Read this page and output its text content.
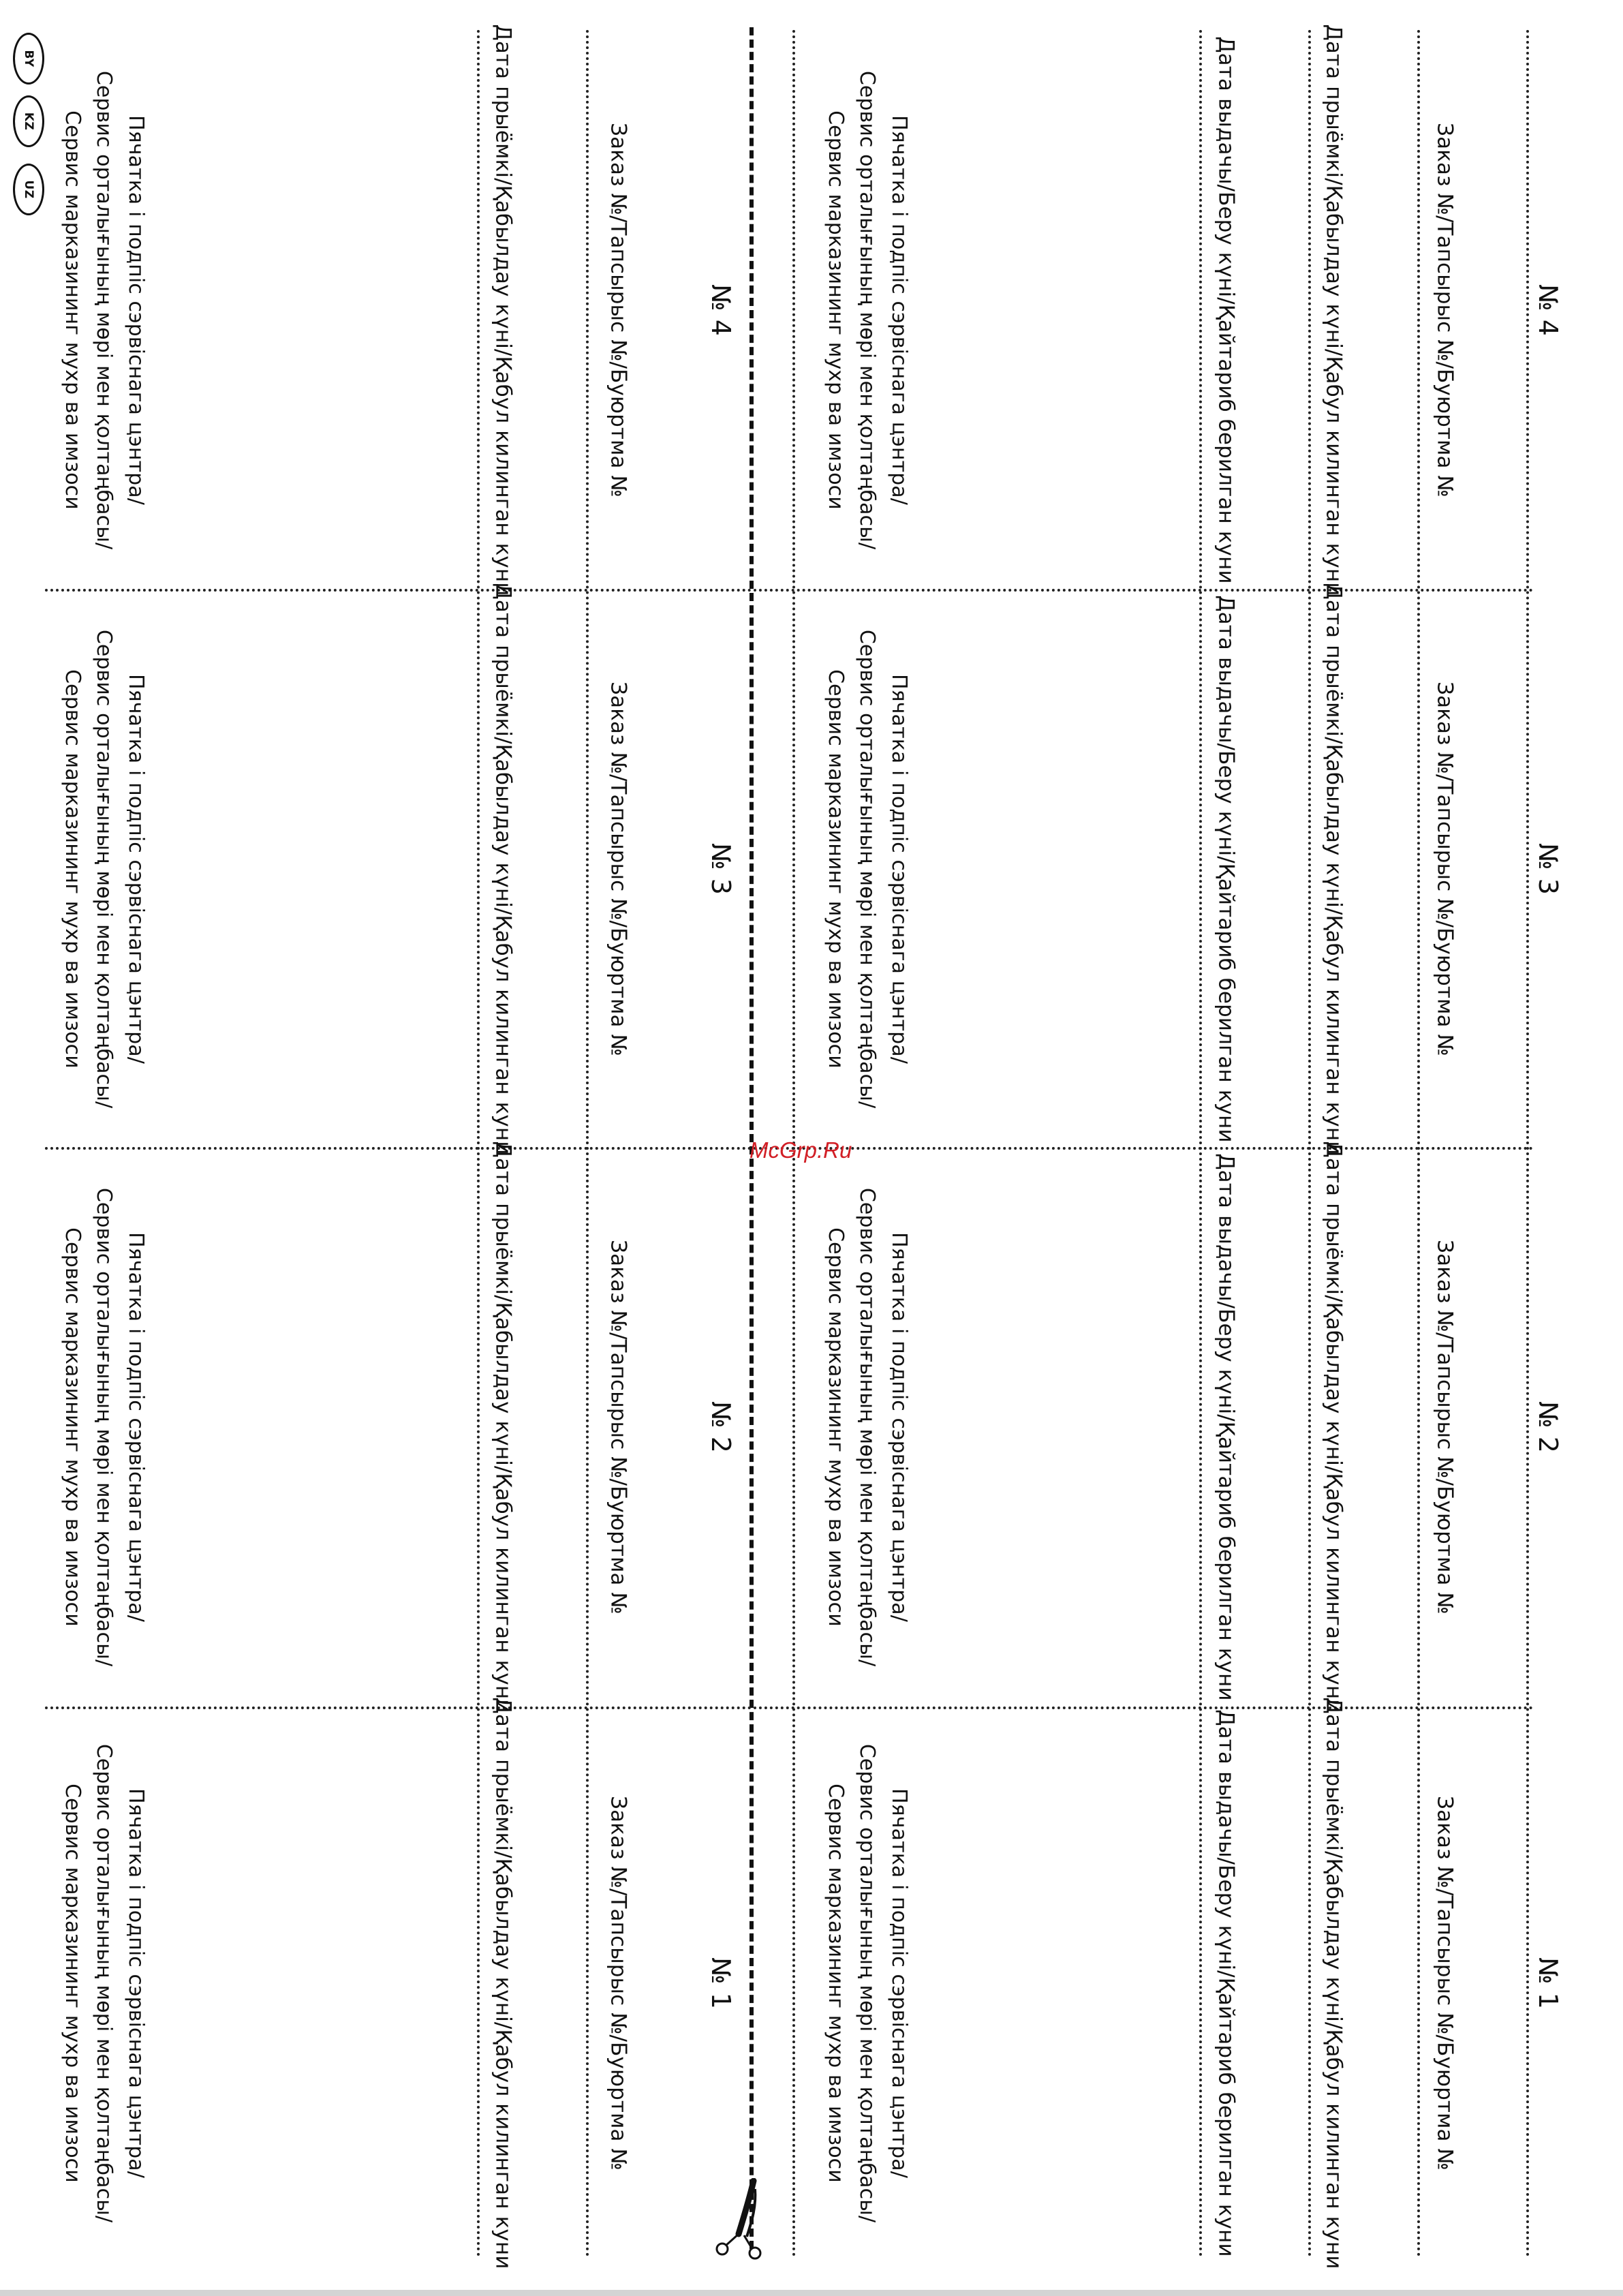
BY
KZ
UZ	Пячатка і подпіс сэрвіснага цэнтра/
Сервис орталығының мөрі мен қолтаңбасы/
Сервис марказининг мухр ва имзоси	Дата прыёмкі/Қабылдау күні/Қабул килинган куни	Заказ №/Тапсырыс №/Буюртма №	№ 4	Пячатка і подпіс сэрвіснага цэнтра/
Сервис орталығының мөрі мен қолтаңбасы/
Сервис марказининг мухр ва имзоси	Дата выдачы/Беру күні/Қайтариб берилган куни	Дата прыёмкі/Қабылдау күні/Қабул килинган куни	Заказ №/Тапсырыс №/Буюртма №	№ 4
Пячатка і подпіс сэрвіснага цэнтра/
Сервис орталығының мөрі мен қолтаңбасы/
Сервис марказининг мухр ва имзоси	Дата прыёмкі/Қабылдау күні/Қабул килинган куни	Заказ №/Тапсырыс №/Буюртма №	№ 3	Пячатка і подпіс сэрвіснага цэнтра/
Сервис орталығының мөрі мен қолтаңбасы/
Сервис марказининг мухр ва имзоси	Дата выдачы/Беру күні/Қайтариб берилган куни	Дата прыёмкі/Қабылдау күні/Қабул килинган куни	Заказ №/Тапсырыс №/Буюртма №	№ 3
Пячатка і подпіс сэрвіснага цэнтра/
Сервис орталығының мөрі мен қолтаңбасы/
Сервис марказининг мухр ва имзоси	Дата прыёмкі/Қабылдау күні/Қабул килинган куни	Заказ №/Тапсырыс №/Буюртма №	№ 2	Пячатка і подпіс сэрвіснага цэнтра/
Сервис орталығының мөрі мен қолтаңбасы/
Сервис марказининг мухр ва имзоси	Дата выдачы/Беру күні/Қайтариб берилган куни	Дата прыёмкі/Қабылдау күні/Қабул килинган куни	Заказ №/Тапсырыс №/Буюртма №	№ 2
Пячатка і подпіс сэрвіснага цэнтра/
Сервис орталығының мөрі мен қолтаңбасы/
Сервис марказининг мухр ва имзоси	Дата прыёмкі/Қабылдау күні/Қабул килинган куни	Заказ №/Тапсырыс №/Буюртма №	№ 1	Пячатка і подпіс сэрвіснага цэнтра/
Сервис орталығының мөрі мен қолтаңбасы/
Сервис марказининг мухр ва имзоси	Дата выдачы/Беру күні/Қайтариб берилган куни	Дата прыёмкі/Қабылдау күні/Қабул килинган куни	Заказ №/Тапсырыс №/Буюртма №	№ 1
McGrp.Ru
